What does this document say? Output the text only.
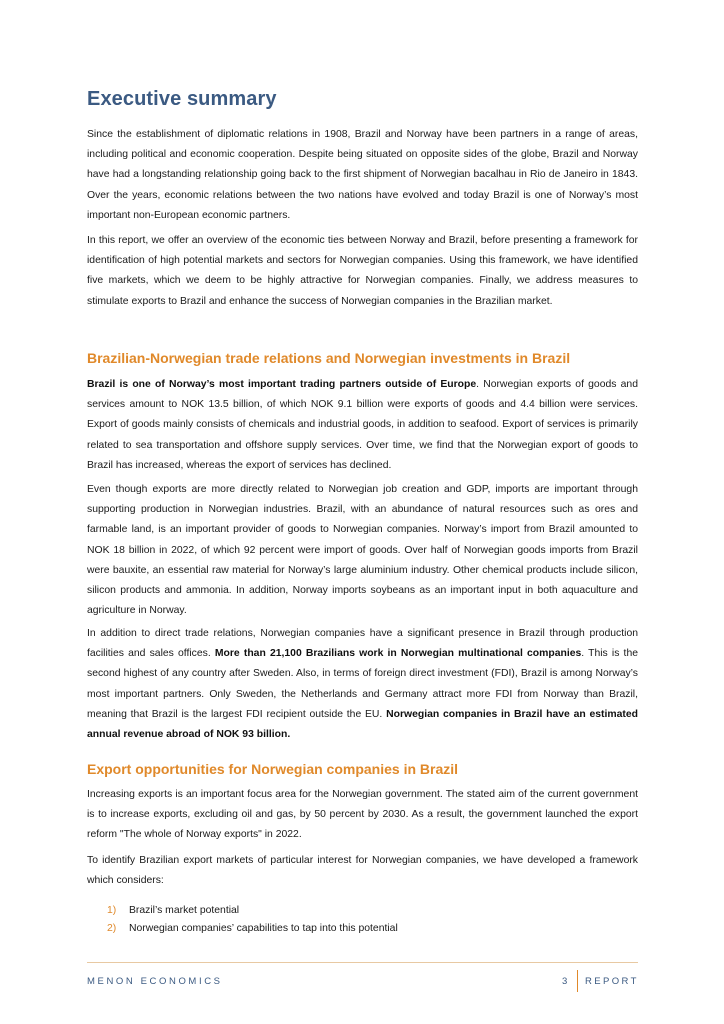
Executive summary

Since the establishment of diplomatic relations in 1908, Brazil and Norway have been partners in a range of areas, including political and economic cooperation. Despite being situated on opposite sides of the globe, Brazil and Norway have had a longstanding relationship going back to the first shipment of Norwegian bacalhau in Rio de Janeiro in 1843. Over the years, economic relations between the two nations have evolved and today Brazil is one of Norway’s most important non-European economic partners.

In this report, we offer an overview of the economic ties between Norway and Brazil, before presenting a framework for identification of high potential markets and sectors for Norwegian companies. Using this framework, we have identified five markets, which we deem to be highly attractive for Norwegian companies. Finally, we address measures to stimulate exports to Brazil and enhance the success of Norwegian companies in the Brazilian market.

Brazilian-Norwegian trade relations and Norwegian investments in Brazil

Brazil is one of Norway’s most important trading partners outside of Europe. Norwegian exports of goods and services amount to NOK 13.5 billion, of which NOK 9.1 billion were exports of goods and 4.4 billion were services. Export of goods mainly consists of chemicals and industrial goods, in addition to seafood. Export of services is primarily related to sea transportation and offshore supply services. Over time, we find that the Norwegian export of goods to Brazil has increased, whereas the export of services has declined.

Even though exports are more directly related to Norwegian job creation and GDP, imports are important through supporting production in Norwegian industries. Brazil, with an abundance of natural resources such as ores and farmable land, is an important provider of goods to Norwegian companies. Norway’s import from Brazil amounted to NOK 18 billion in 2022, of which 92 percent were import of goods. Over half of Norwegian goods imports from Brazil were bauxite, an essential raw material for Norway’s large aluminium industry. Other chemical products include silicon, silicon products and ammonia. In addition, Norway imports soybeans as an important input in both aquaculture and agriculture in Norway.

In addition to direct trade relations, Norwegian companies have a significant presence in Brazil through production facilities and sales offices. More than 21,100 Brazilians work in Norwegian multinational companies. This is the second highest of any country after Sweden. Also, in terms of foreign direct investment (FDI), Brazil is among Norway’s most important partners. Only Sweden, the Netherlands and Germany attract more FDI from Norway than Brazil, meaning that Brazil is the largest FDI recipient outside the EU. Norwegian companies in Brazil have an estimated annual revenue abroad of NOK 93 billion.

Export opportunities for Norwegian companies in Brazil

Increasing exports is an important focus area for the Norwegian government. The stated aim of the current government is to increase exports, excluding oil and gas, by 50 percent by 2030. As a result, the government launched the export reform "The whole of Norway exports" in 2022.

To identify Brazilian export markets of particular interest for Norwegian companies, we have developed a framework which considers:

1)	Brazil’s market potential
2)	Norwegian companies’ capabilities to tap into this potential
MENON ECONOMICS	3 REPORT
